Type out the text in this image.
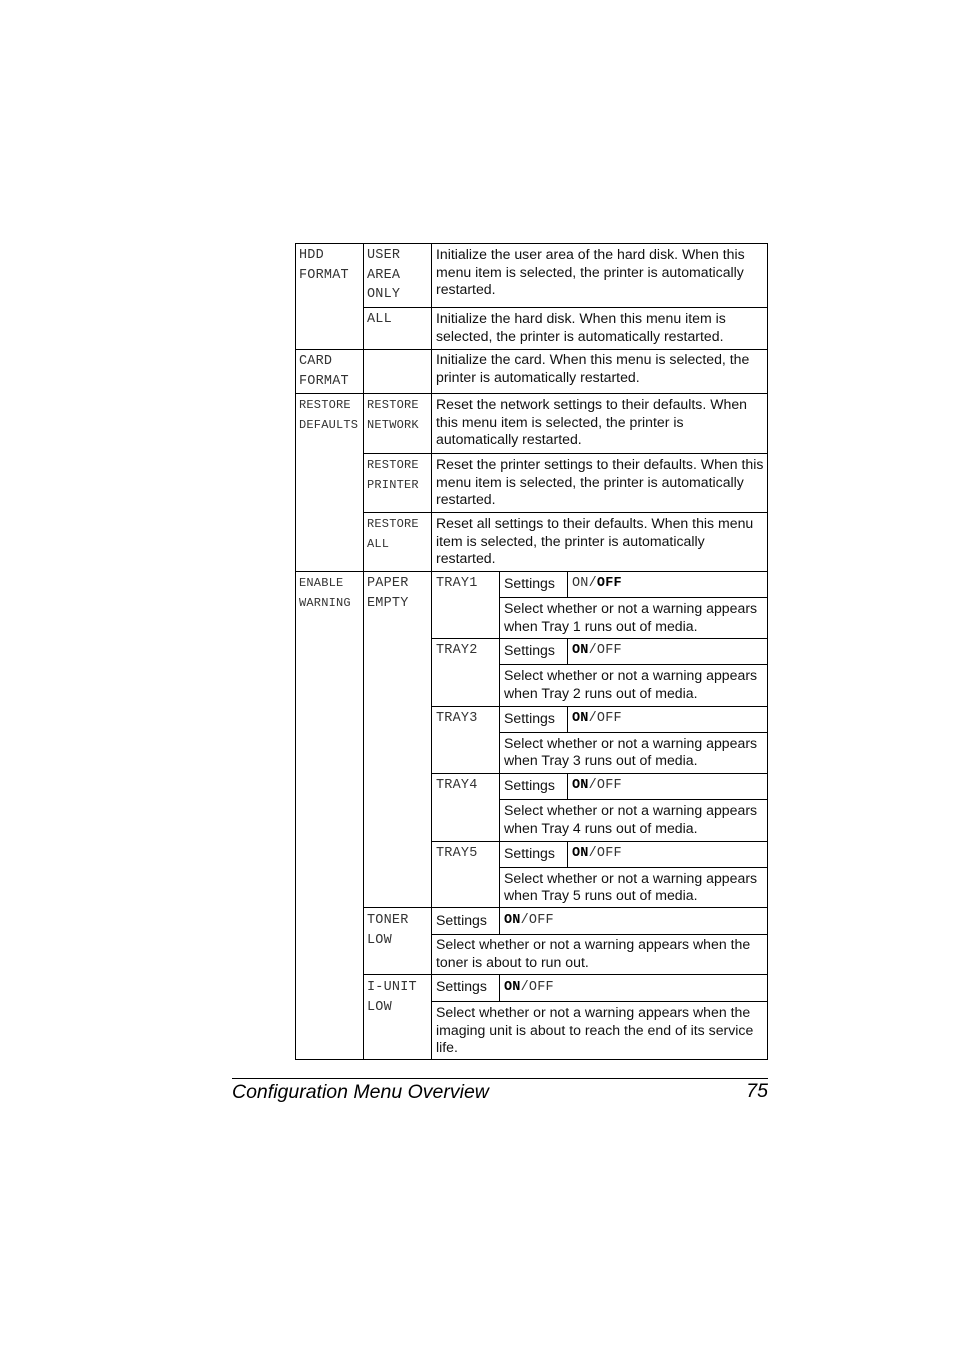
HDD
FORMAT
CARD
FORMAT
RESTORE
DEFAULTS
ENABLE
WARNING
USER
AREA
ONLY
ALL
RESTORE
NETWORK
RESTORE
PRINTER
RESTORE
ALL
PAPER
EMPTY
TONER
LOW
I-UNIT
LOW
Initialize the user area of the hard disk. When this menu item is selected, the printer is automatically restarted.
Initialize the hard disk. When this menu item is selected, the printer is automatically restarted.
Initialize the card. When this menu is selected, the printer is automatically restarted.
Reset the network settings to their defaults. When this menu item is selected, the printer is automatically restarted.
Reset the printer settings to their defaults. When this menu item is selected, the printer is automatically restarted.
Reset all settings to their defaults. When this menu item is selected, the printer is automatically restarted.
TRAY1 Settings ON/OFF
Select whether or not a warning appears when Tray 1 runs out of media.
TRAY2 Settings ON/OFF
Select whether or not a warning appears when Tray 2 runs out of media.
TRAY3 Settings ON/OFF
Select whether or not a warning appears when Tray 3 runs out of media.
TRAY4 Settings ON/OFF
Select whether or not a warning appears when Tray 4 runs out of media.
TRAY5 Settings ON/OFF
Select whether or not a warning appears when Tray 5 runs out of media.
Settings ON/OFF
Select whether or not a warning appears when the toner is about to run out.
Settings ON/OFF
Select whether or not a warning appears when the imaging unit is about to reach the end of its service life.
Configuration Menu Overview	75
